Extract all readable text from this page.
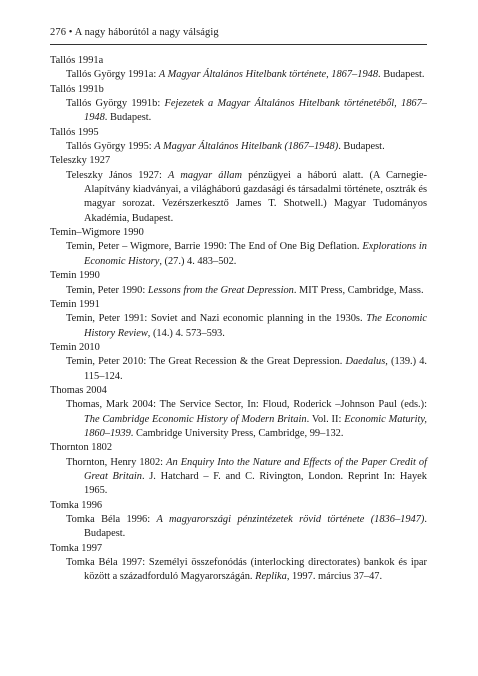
276 • A nagy háborútól a nagy válságig

Tallós 1991a

Tallós György 1991a: A Magyar Általános Hitelbank története, 1867–1948. Budapest.

Tallós 1991b

Tallós György 1991b: Fejezetek a Magyar Általános Hitelbank történetéből, 1867–1948. Budapest.

Tallós 1995

Tallós György 1995: A Magyar Általános Hitelbank (1867–1948). Budapest.

Teleszky 1927

Teleszky János 1927: A magyar állam pénzügyei a háború alatt. (A Carnegie-Alapítvány kiadványai, a világháború gazdasági és társadalmi története, osztrák és magyar sorozat. Vezérszerkesztő James T. Shotwell.) Magyar Tudományos Akadémia, Budapest.

Temin–Wigmore 1990

Temin, Peter – Wigmore, Barrie 1990: The End of One Big Deflation. Explorations in Economic History, (27.) 4. 483–502.

Temin 1990

Temin, Peter 1990: Lessons from the Great Depression. MIT Press, Cambridge, Mass.

Temin 1991

Temin, Peter 1991: Soviet and Nazi economic planning in the 1930s. The Economic History Review, (14.) 4. 573–593.

Temin 2010

Temin, Peter 2010: The Great Recession & the Great Depression. Daedalus, (139.) 4. 115–124.

Thomas 2004

Thomas, Mark 2004: The Service Sector, In: Floud, Roderick –Johnson Paul (eds.): The Cambridge Economic History of Modern Britain. Vol. II: Economic Maturity, 1860–1939. Cambridge University Press, Cambridge, 99–132.

Thornton 1802

Thornton, Henry 1802: An Enquiry Into the Nature and Effects of the Paper Credit of Great Britain. J. Hatchard – F. and C. Rivington, London. Reprint In: Hayek 1965.

Tomka 1996

Tomka Béla 1996: A magyarországi pénzintézetek rövid története (1836–1947). Budapest.

Tomka 1997

Tomka Béla 1997: Személyi összefonódás (interlocking directorates) bankok és ipar között a századforduló Magyarországán. Replika, 1997. március 37–47.
